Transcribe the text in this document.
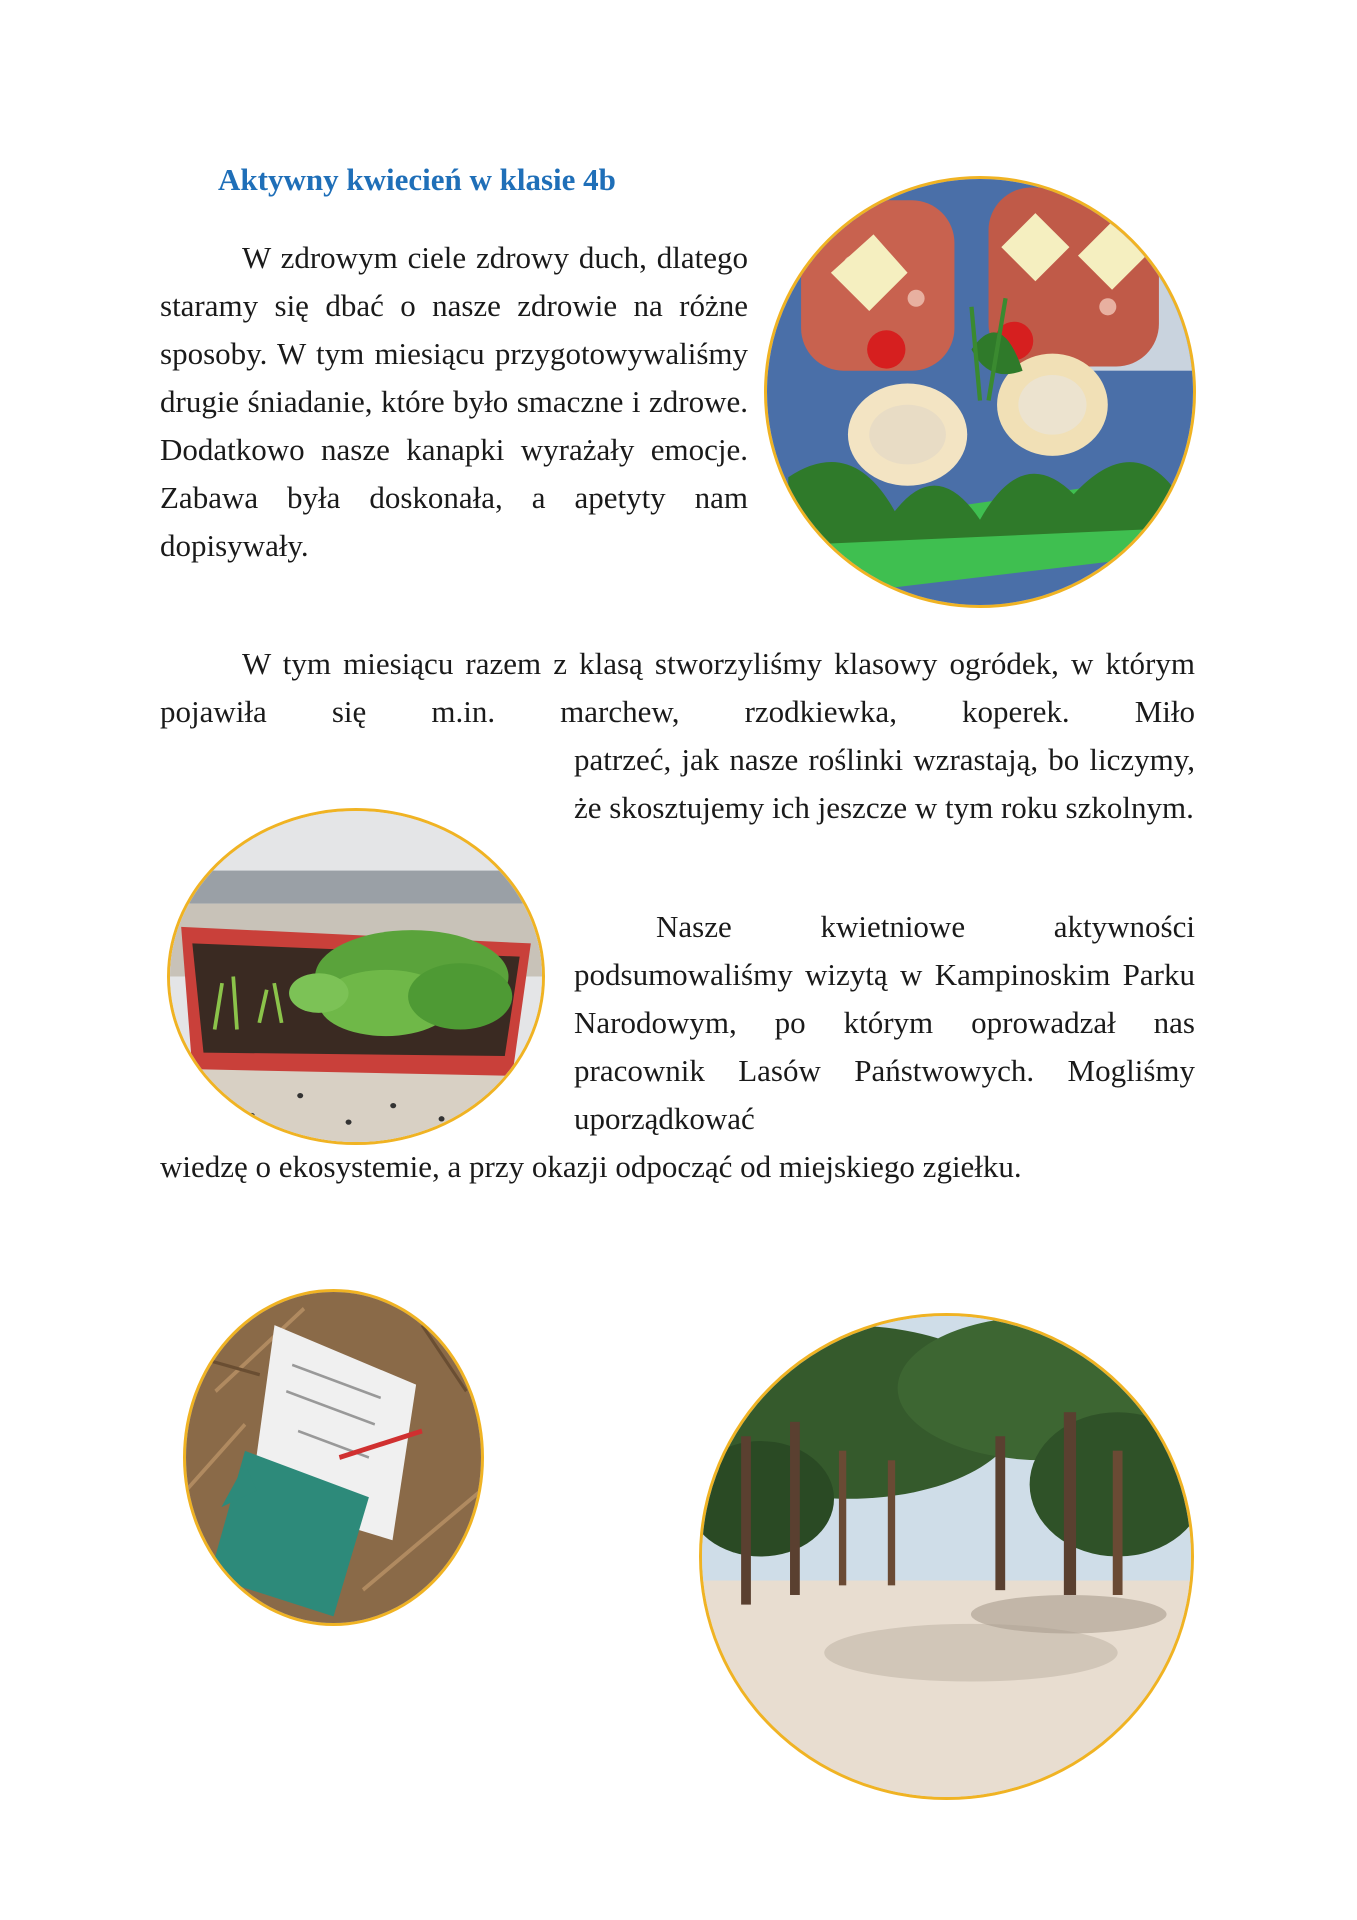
Aktywny kwiecień w klasie 4b

W zdrowym ciele zdrowy duch, dlatego staramy się dbać o nasze zdrowie na różne sposoby. W tym miesiącu przygotowywaliśmy drugie śniadanie, które było smaczne i zdrowe. Dodatkowo nasze kanapki wyrażały emocje. Zabawa była doskonała, a apetyty nam dopisywały.

W tym miesiącu razem z klasą stworzyliśmy klasowy ogródek, w którym pojawiła się m.in. marchew, rzodkiewka, koperek. Miło

patrzeć, jak nasze roślinki wzrastają, bo liczymy, że skosztujemy ich jeszcze w tym roku szkolnym.

Nasze kwietniowe aktywności podsumowaliśmy wizytą w Kampinoskim Parku Narodowym, po którym oprowadzał nas pracownik Lasów Państwowych. Mogliśmy uporządkować

wiedzę o ekosystemie, a przy okazji odpocząć od miejskiego zgiełku.
